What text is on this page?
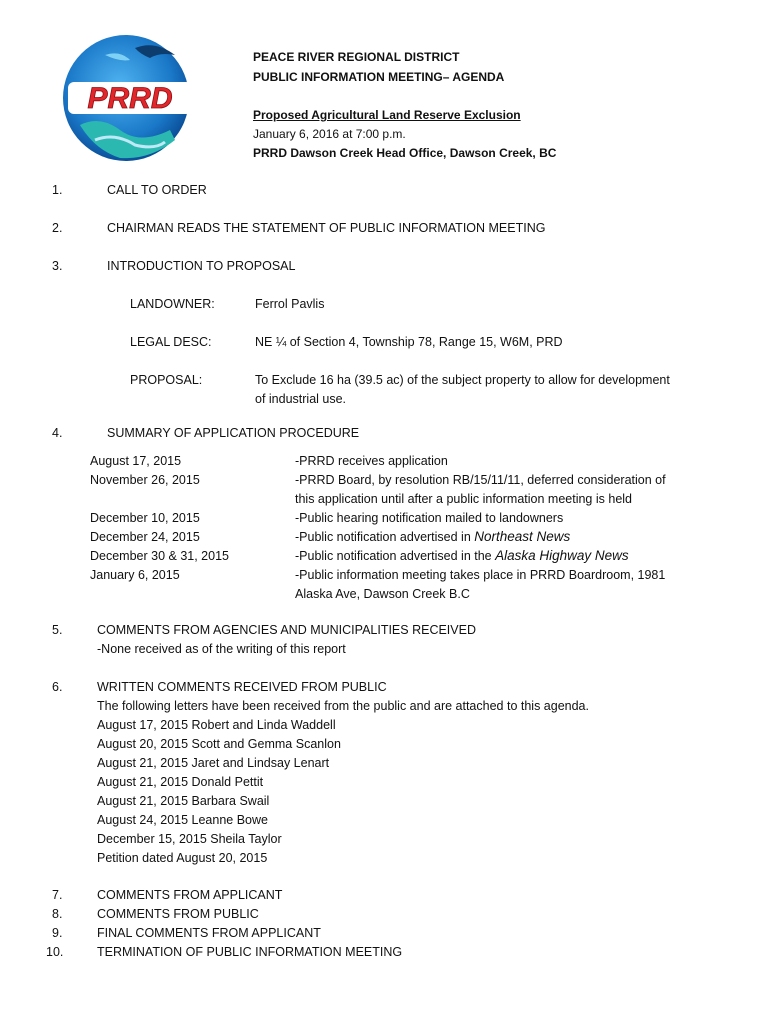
PRRD
PEACE RIVER REGIONAL DISTRICT
PUBLIC INFORMATION MEETING– AGENDA
Proposed Agricultural Land Reserve Exclusion
January 6, 2016 at 7:00 p.m.
PRRD Dawson Creek Head Office, Dawson Creek, BC
1.	CALL TO ORDER
2.	CHAIRMAN READS THE STATEMENT OF PUBLIC INFORMATION MEETING
3.	INTRODUCTION TO PROPOSAL
LANDOWNER:	Ferrol Pavlis
LEGAL DESC:	NE ¼ of Section 4, Township 78, Range 15, W6M, PRD
PROPOSAL:	To Exclude 16 ha (39.5 ac) of the subject property to allow for development
of industrial use.
4.	SUMMARY OF APPLICATION PROCEDURE
August 17, 2015	-PRRD receives application
November 26, 2015	-PRRD Board, by resolution RB/15/11/11, deferred consideration of
this application until after a public information meeting is held
December 10, 2015	-Public hearing notification mailed to landowners
December 24, 2015	-Public notification advertised in Northeast News
December 30 & 31, 2015	-Public notification advertised in the Alaska Highway News
January 6, 2015	-Public information meeting takes place in PRRD Boardroom, 1981
Alaska Ave, Dawson Creek B.C
5.	COMMENTS FROM AGENCIES AND MUNICIPALITIES RECEIVED
-None received as of the writing of this report
6.	WRITTEN COMMENTS RECEIVED FROM PUBLIC
The following letters have been received from the public and are attached to this agenda.
August 17, 2015 Robert and Linda Waddell
August 20, 2015 Scott and Gemma Scanlon
August 21, 2015 Jaret and Lindsay Lenart
August 21, 2015 Donald Pettit
August 21, 2015 Barbara Swail
August 24, 2015 Leanne Bowe
December 15, 2015 Sheila Taylor
Petition dated August 20, 2015
7.	COMMENTS FROM APPLICANT
8.	COMMENTS FROM PUBLIC
9.	FINAL COMMENTS FROM APPLICANT
10.	TERMINATION OF PUBLIC INFORMATION MEETING
